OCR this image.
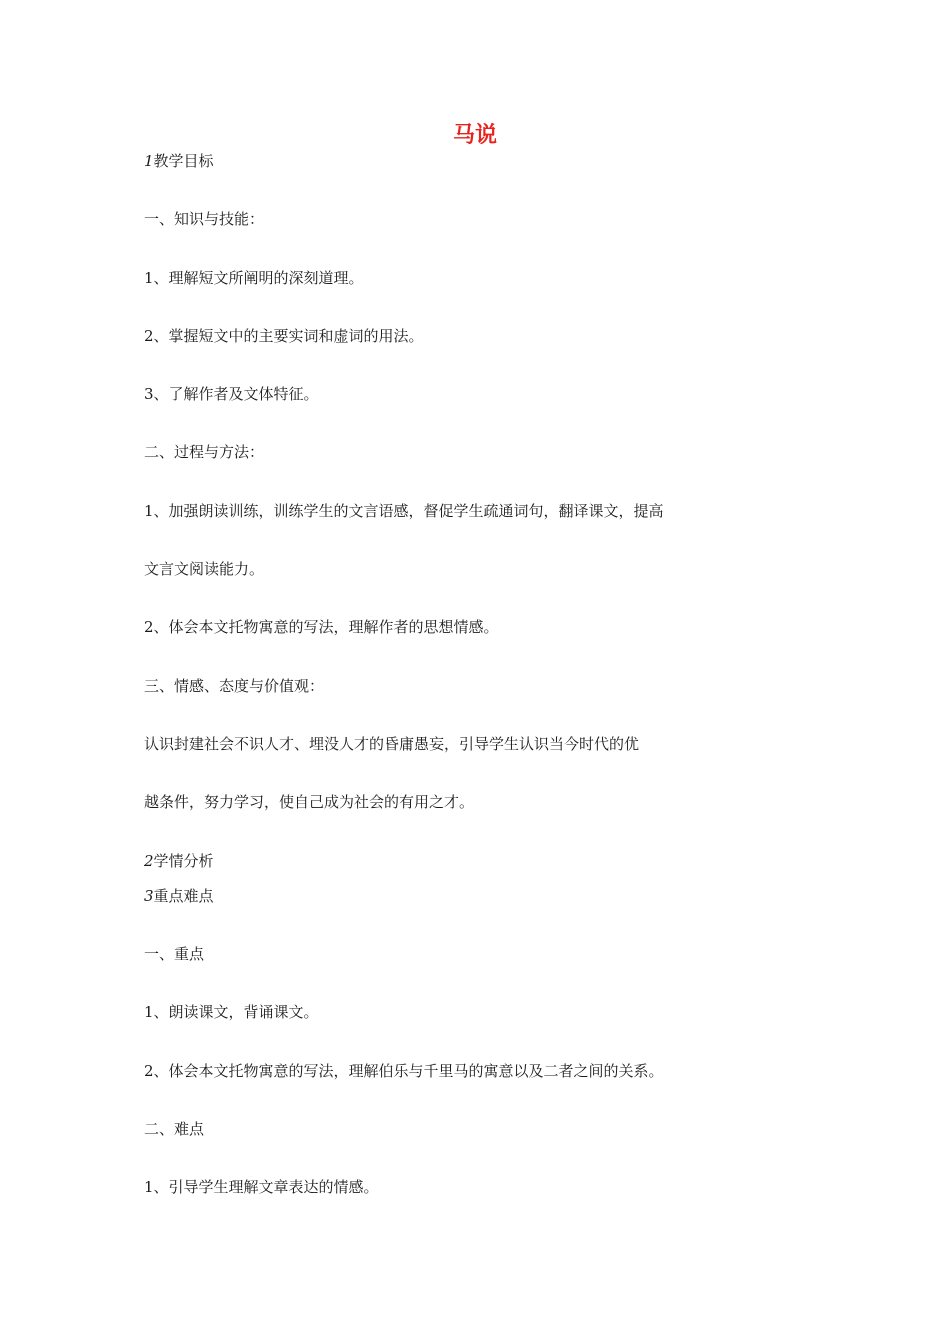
马说
1教学目标
一、知识与技能：
1、理解短文所阐明的深刻道理。
2、掌握短文中的主要实词和虚词的用法。
3、了解作者及文体特征。
二、过程与方法：
1、加强朗读训练，训练学生的文言语感，督促学生疏通词句，翻译课文，提高
文言文阅读能力。
2、体会本文托物寓意的写法，理解作者的思想情感。
三、情感、态度与价值观：
认识封建社会不识人才、埋没人才的昏庸愚妄，引导学生认识当今时代的优
越条件，努力学习，使自己成为社会的有用之才。
2学情分析
3重点难点
一、重点
1、朗读课文，背诵课文。
2、体会本文托物寓意的写法，理解伯乐与千里马的寓意以及二者之间的关系。
二、难点
1、引导学生理解文章表达的情感。
